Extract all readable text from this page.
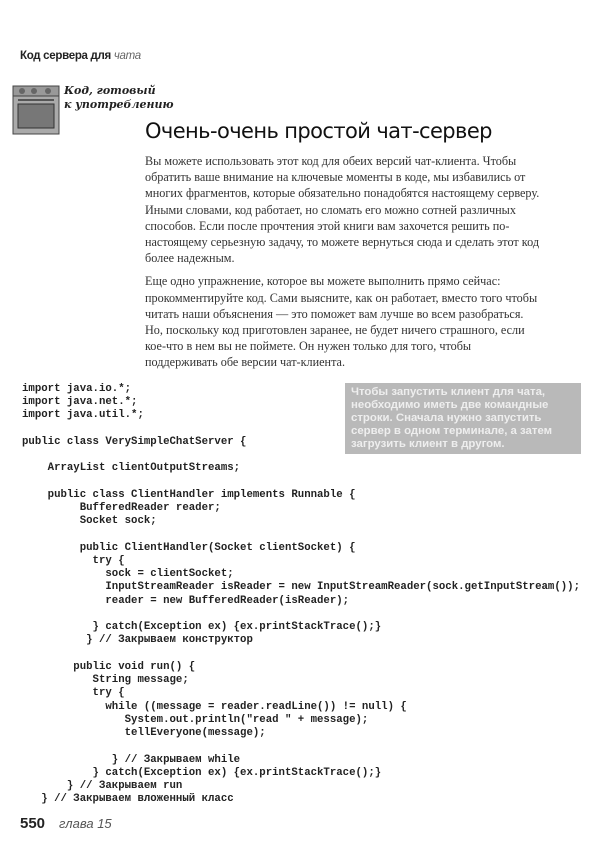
Код сервера для чата
Код, готовый
к употреблению
Очень-очень простой чат-сервер

Вы можете использовать этот код для обеих версий чат-клиента. Чтобы обратить ваше внимание на ключевые моменты в коде, мы избавились от многих фрагментов, которые обязательно понадобятся настоящему серверу. Иными словами, код работает, но сломать его можно сотней различных способов. Если после прочтения этой книги вам захочется решить по-настоящему серьезную задачу, то можете вернуться сюда и сделать этот код более надежным.

Еще одно упражнение, которое вы можете выполнить прямо сейчас: прокомментируйте код. Сами выясните, как он работает, вместо того чтобы читать наши объяснения — это поможет вам лучше во всем разобраться. Но, поскольку код приготовлен заранее, не будет ничего страшного, если кое-что в нем вы не поймете. Он нужен только для того, чтобы поддерживать обе версии чат-клиента.

Чтобы запустить клиент для чата, необходимо иметь две командные строки. Сначала нужно запустить сервер в одном терминале, а затем загрузить клиент в другом.
import java.io.*;
import java.net.*;
import java.util.*;
public class VerySimpleChatServer {
ArrayList clientOutputStreams;
public class ClientHandler implements Runnable {
BufferedReader reader;
Socket sock;
public ClientHandler(Socket clientSocket) {
try {
sock = clientSocket;
InputStreamReader isReader = new InputStreamReader(sock.getInputStream());
reader = new BufferedReader(isReader);
} catch(Exception ex) {ex.printStackTrace();}
} // Закрываем конструктор
public void run() {
String message;
try {
while ((message = reader.readLine()) != null) {
System.out.println("read " + message);
tellEveryone(message);
} // Закрываем while
} catch(Exception ex) {ex.printStackTrace();}
} // Закрываем run
} // Закрываем вложенный класс
550 глава 15
